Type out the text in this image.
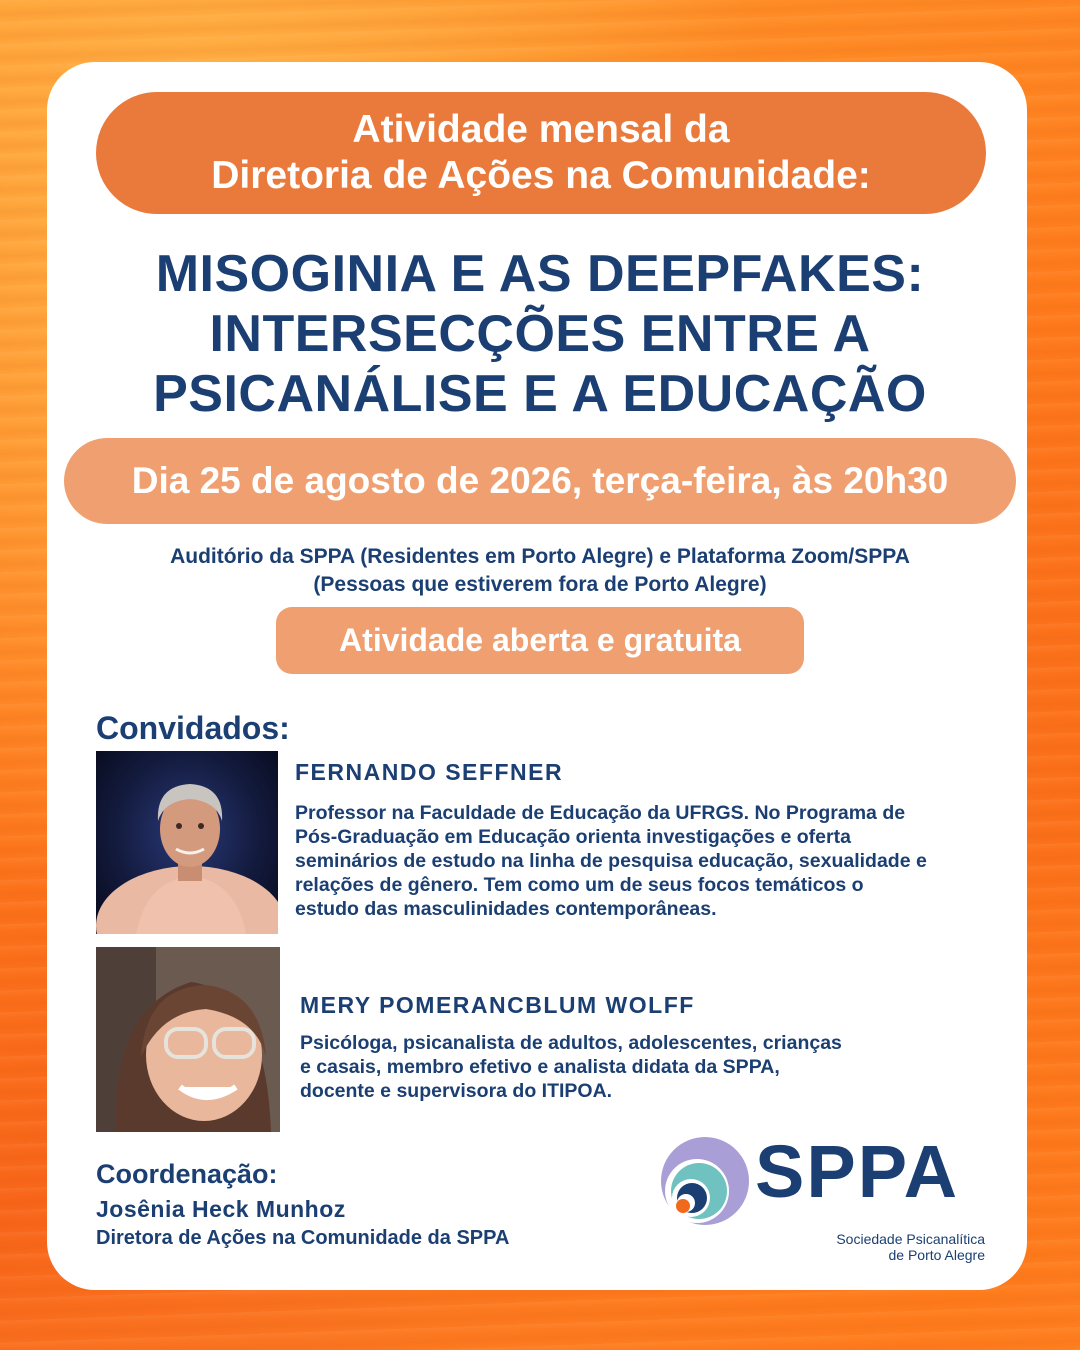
Atividade mensal da
Diretoria de Ações na Comunidade:
MISOGINIA E AS DEEPFAKES:
INTERSECÇÕES ENTRE A
PSICANÁLISE E A EDUCAÇÃO
Dia 25 de agosto de 2026, terça-feira, às 20h30
Auditório da SPPA (Residentes em Porto Alegre) e Plataforma Zoom/SPPA
(Pessoas que estiverem fora de Porto Alegre)
Atividade aberta e gratuita
Convidados:
FERNANDO SEFFNER
Professor na Faculdade de Educação da UFRGS. No Programa de
Pós-Graduação em Educação orienta investigações e oferta
seminários de estudo na linha de pesquisa educação, sexualidade e
relações de gênero. Tem como um de seus focos temáticos o
estudo das masculinidades contemporâneas.
MERY POMERANCBLUM WOLFF
Psicóloga, psicanalista de adultos, adolescentes, crianças
e casais, membro efetivo e analista didata da SPPA,
docente e supervisora do ITIPOA.
Coordenação:
Josênia Heck Munhoz
Diretora de Ações na Comunidade da SPPA
SPPA
Sociedade Psicanalítica
de Porto Alegre
